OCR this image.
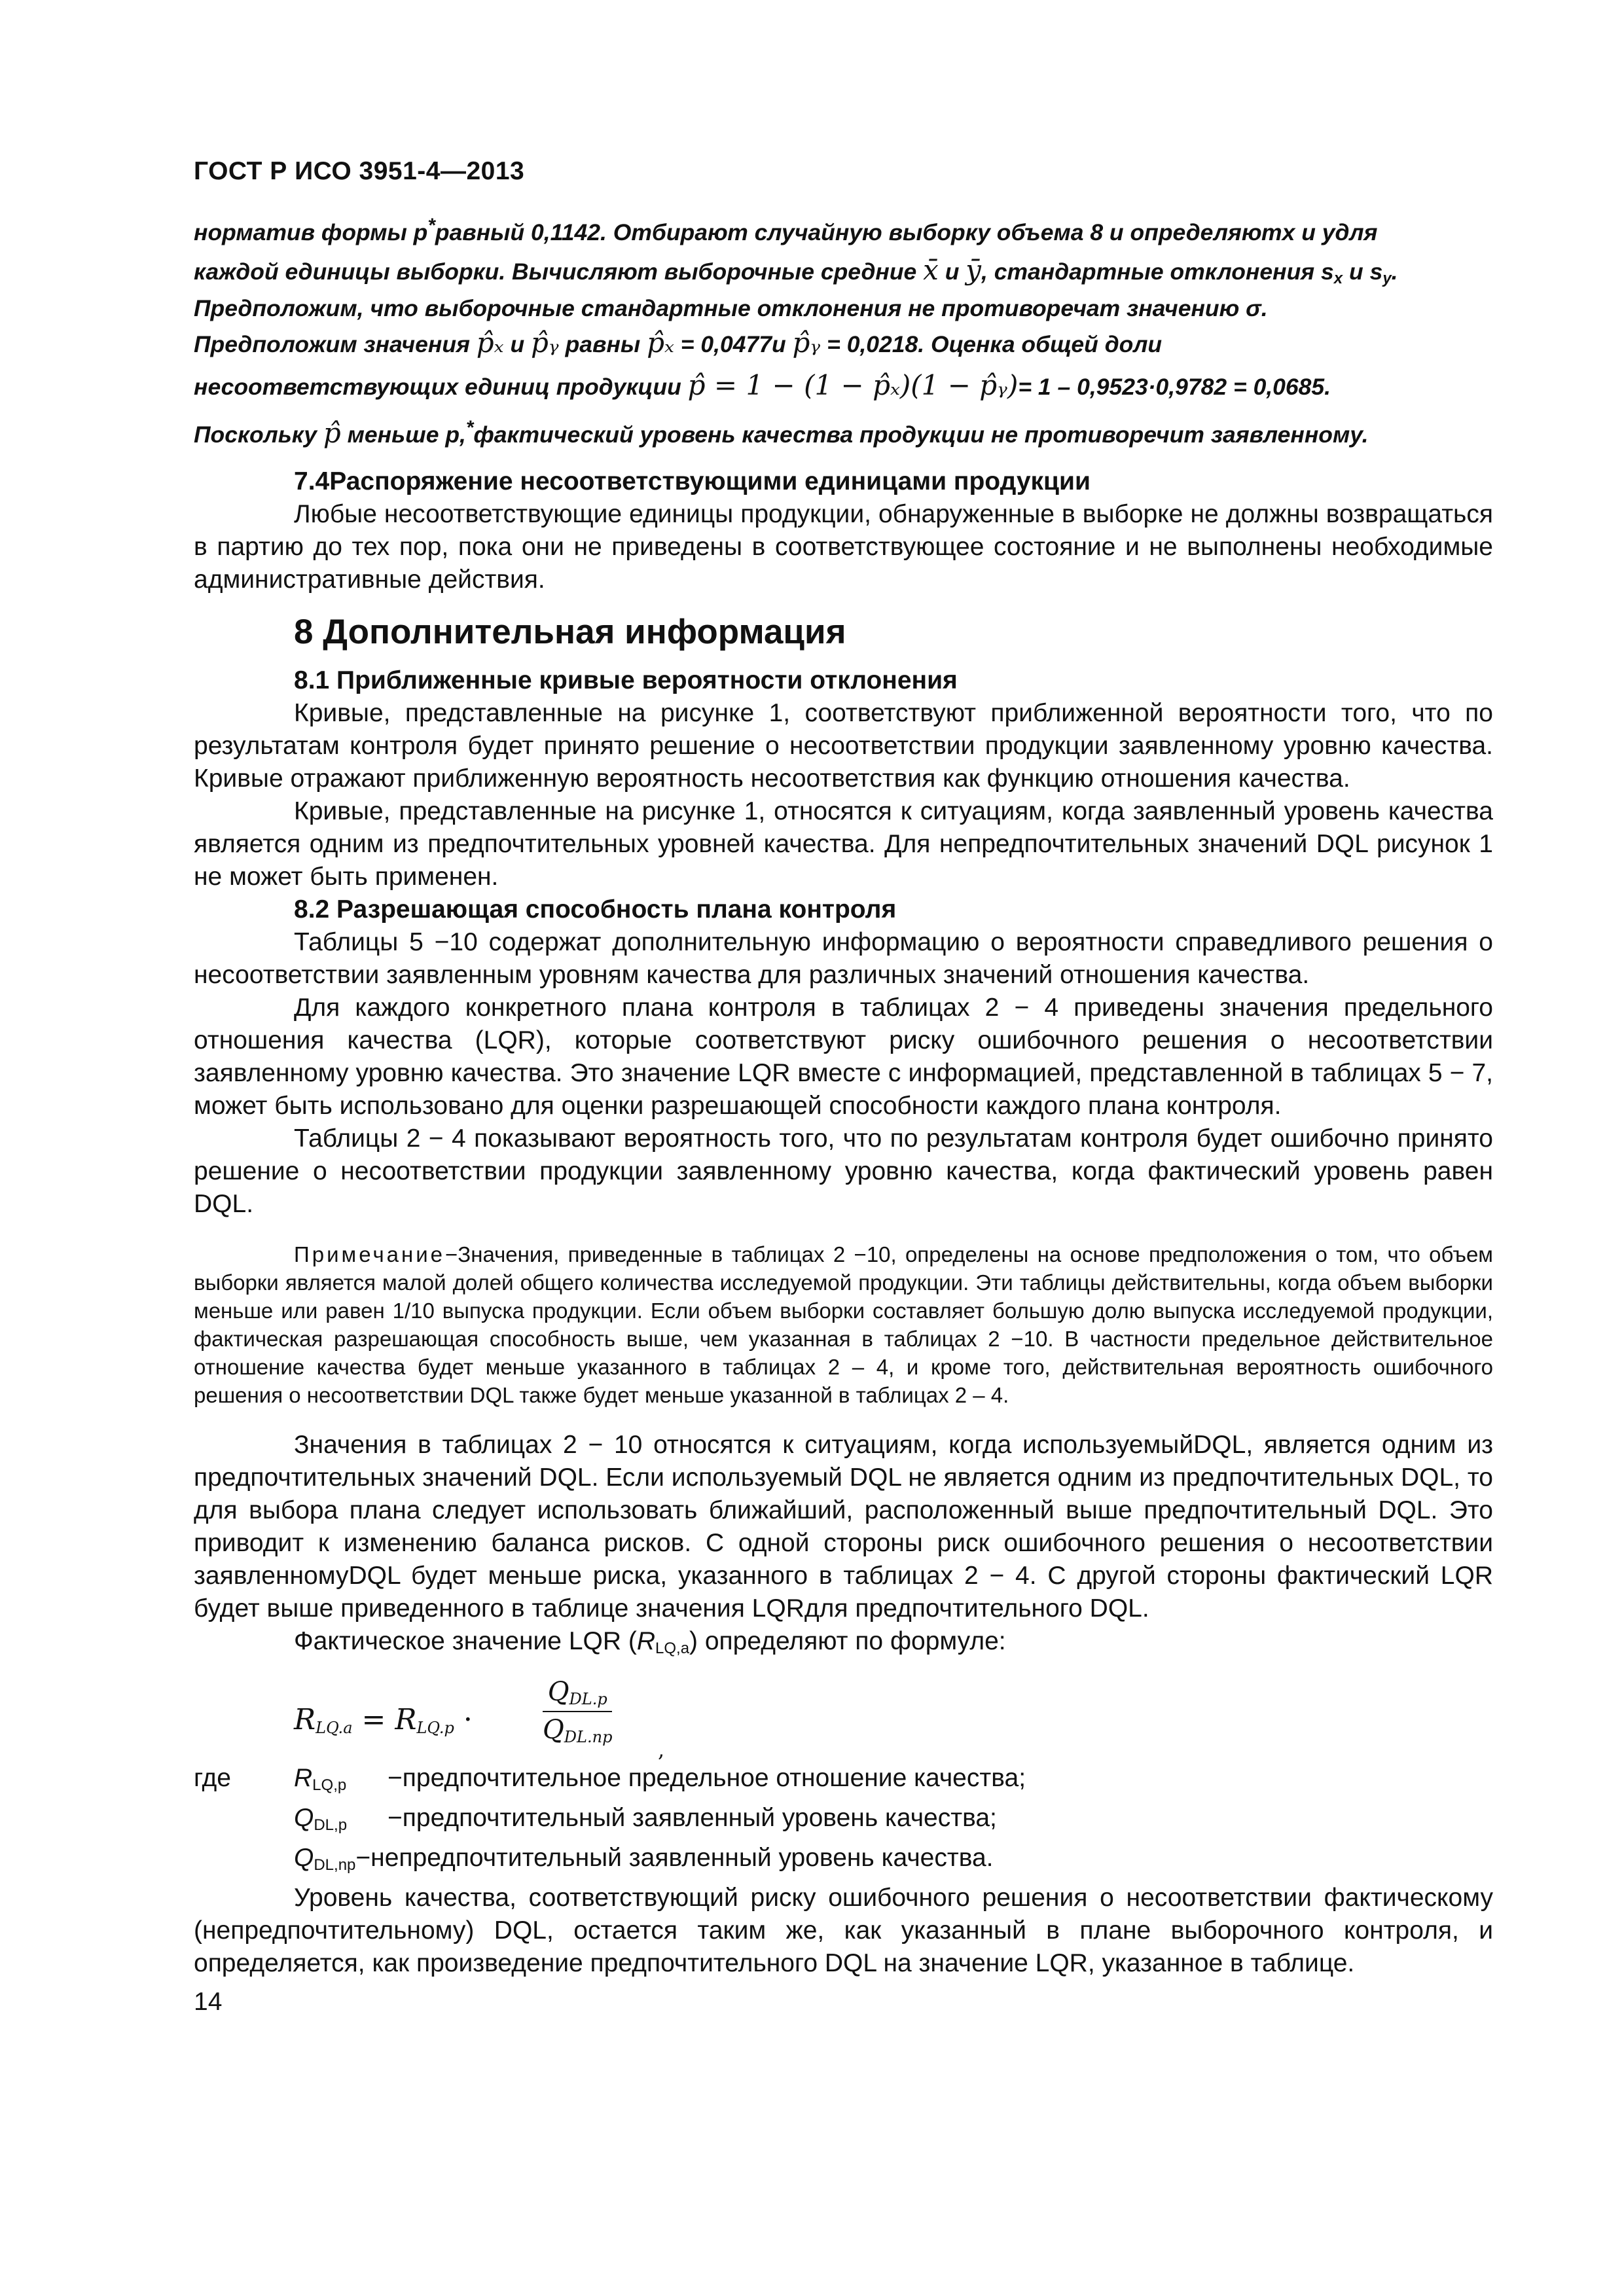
ГОСТ Р ИСО 3951-4—2013

норматив формы p*равный 0,1142. Отбирают случайную выборку объема 8 и определяютх и удля

каждой единицы выборки. Вычисляют выборочные средние x̄ и ȳ, стандартные отклонения $s_x$ и $s_y$.

Предположим, что выборочные стандартные отклонения не противоречат значению σ.

Предположим значения p̂ₓ и p̂ᵧ равны p̂ₓ = 0,0477и p̂ᵧ = 0,0218. Оценка общей доли

несоответствующих единиц продукции p̂ = 1 − (1 − p̂ₓ)(1 − p̂ᵧ)= 1 – 0,9523·0,9782 = 0,0685.

Поскольку p̂ меньше p,*фактический уровень качества продукции не противоречит заявленному.

7.4Распоряжение несоответствующими единицами продукции

Любые несоответствующие единицы продукции, обнаруженные в выборке не должны возвращаться в партию до тех пор, пока они не приведены в соответствующее состояние и не выполнены необходимые административные действия.

8 Дополнительная информация

8.1 Приближенные кривые вероятности отклонения

Кривые, представленные на рисунке 1, соответствуют приближенной вероятности того, что по результатам контроля будет принято решение о несоответствии продукции заявленному уровню качества. Кривые отражают приближенную вероятность несоответствия как функцию отношения качества.

Кривые, представленные на рисунке 1, относятся к ситуациям, когда заявленный уровень качества является одним из предпочтительных уровней качества. Для непредпочтительных значений DQL рисунок 1 не может быть применен.

8.2 Разрешающая способность плана контроля

Таблицы 5 −10 содержат дополнительную информацию о вероятности справедливого решения о несоответствии заявленным уровням качества для различных значений отношения качества.

Для каждого конкретного плана контроля в таблицах 2 − 4 приведены значения предельного отношения качества (LQR), которые соответствуют риску ошибочного решения о несоответствии заявленному уровню качества. Это значение LQR вместе с информацией, представленной в таблицах 5 − 7, может быть использовано для оценки разрешающей способности каждого плана контроля.

Таблицы 2 − 4 показывают вероятность того, что по результатам контроля будет ошибочно принято решение о несоответствии продукции заявленному уровню качества, когда фактический уровень равен DQL.

Примечание−Значения, приведенные в таблицах 2 −10, определены на основе предположения о том, что объем выборки является малой долей общего количества исследуемой продукции. Эти таблицы действительны, когда объем выборки меньше или равен 1/10 выпуска продукции. Если объем выборки составляет большую долю выпуска исследуемой продукции, фактическая разрешающая способность выше, чем указанная в таблицах 2 −10. В частности предельное действительное отношение качества будет меньше указанного в таблицах 2 – 4, и кроме того, действительная вероятность ошибочного решения о несоответствии DQL также будет меньше указанной в таблицах 2 – 4.

Значения в таблицах 2 − 10 относятся к ситуациям, когда используемыйDQL, является одним из предпочтительных значений DQL. Если используемый DQL не является одним из предпочтительных DQL, то для выбора плана следует использовать ближайший, расположенный выше предпочтительный DQL. Это приводит к изменению баланса рисков. С одной стороны риск ошибочного решения о несоответствии заявленномуDQL будет меньше риска, указанного в таблицах 2 − 4. С другой стороны фактический LQR будет выше приведенного в таблице значения LQRдля предпочтительного DQL.

Фактическое значение LQR $(R_{LQ,a})$ определяют по формуле:

$R_{LQ.a} = R_{LQ.p}$ ·
$Q_{DL.p}$
$Q_{DL.np}$ ,
где	$R_{LQ,p}$	−предпочтительное предельное отношение качества;
$Q_{DL,p}$	−предпочтительный заявленный уровень качества;
$Q_{DL,np}$ −непредпочтительный заявленный уровень качества.

Уровень качества, соответствующий риску ошибочного решения о несоответствии фактическому (непредпочтительному) DQL, остается таким же, как указанный в плане выборочного контроля, и определяется, как произведение предпочтительного DQL на значение LQR, указанное в таблице.

14
